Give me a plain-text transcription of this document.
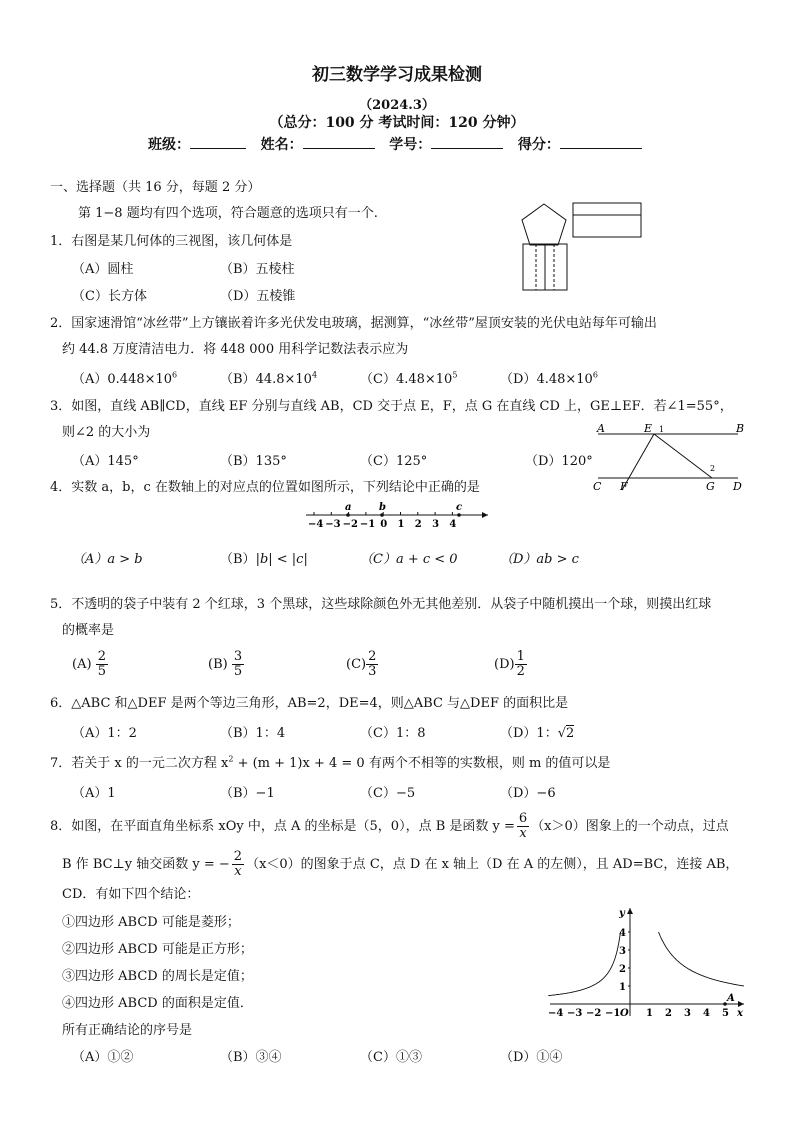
初三数学学习成果检测
（2024.3）
（总分：100 分 考试时间：120 分钟）
班级：	姓名：	学号：	得分：
一、选择题（共 16 分，每题 2 分）
第 1−8 题均有四个选项，符合题意的选项只有一个.
1．右图是某几何体的三视图，该几何体是
（A）圆柱	（B）五棱柱
（C）长方体	（D）五棱锥
2．国家速滑馆“冰丝带”上方镶嵌着许多光伏发电玻璃，据测算，“冰丝带”屋顶安装的光伏电站每年可输出
约 44.8 万度清洁电力．将 448 000 用科学记数法表示应为
$(A)0.448\times 10^6$	$(B)44.8\times 10^4$	$(C)4.48\times 10^5$	$(D)4.48\times 10^6$
3．如图，直线 AB∥CD，直线 EF 分别与直线 AB，CD 交于点 E，F，点 G 在直线 CD 上，GE⊥EF．若∠1=55°，
则∠2 的大小为
（A）145°	（B）135°	（C）125°	（D）120°
A	E 1	B
2
C F	G D
4．实数 a，b，c 在数轴上的对应点的位置如图所示，下列结论中正确的是
−4 −3 −2 −1 0 1 2 3 4
a	b	c
（A）a > b	（B）|b| < |c|	（C）a + c < 0	（D）ab > c
5．不透明的袋子中装有 2 个红球，3 个黑球，这些球除颜色外无其他差别．从袋子中随机摸出一个球，则摸出红球
的概率是
$(A) \frac{2}{5}$	$(B) \frac{3}{5}$	$(C) \frac{2}{3}$	$(D) \frac{1}{2}$
6．△ABC 和△DEF 是两个等边三角形，AB=2，DE=4，则△ABC 与△DEF 的面积比是
（A）1：2	（B）1：4	（C）1：8	（D）1：√2
7．若关于 x 的一元二次方程 $x^2 + (m + 1)x + 4 = 0$ 有两个不相等的实数根，则 m 的值可以是
（A）1	（B）−1	（C）−5	（D）−6
8．如图，在平面直角坐标系 xOy 中，点 A 的坐标是（5，0），点 B 是函数 $y = \frac{6}{x} (x>0)$图象上的一个动点，过点
B 作 BC⊥y 轴交函数 y = − $\frac{2}{x} (x<0)$的图象于点 C，点 D 在 x 轴上（D 在 A 的左侧），且 AD=BC，连接 AB，
CD．有如下四个结论：
①四边形 ABCD 可能是菱形；
②四边形 ABCD 可能是正方形；
③四边形 ABCD 的周长是定值；
④四边形 ABCD 的面积是定值．
所有正确结论的序号是
（A）①②	（B）③④	（C）①③	（D）①④
y
x
O
−4 −3 −2 −1	1 2 3 4 5
1
2
3
4
A
